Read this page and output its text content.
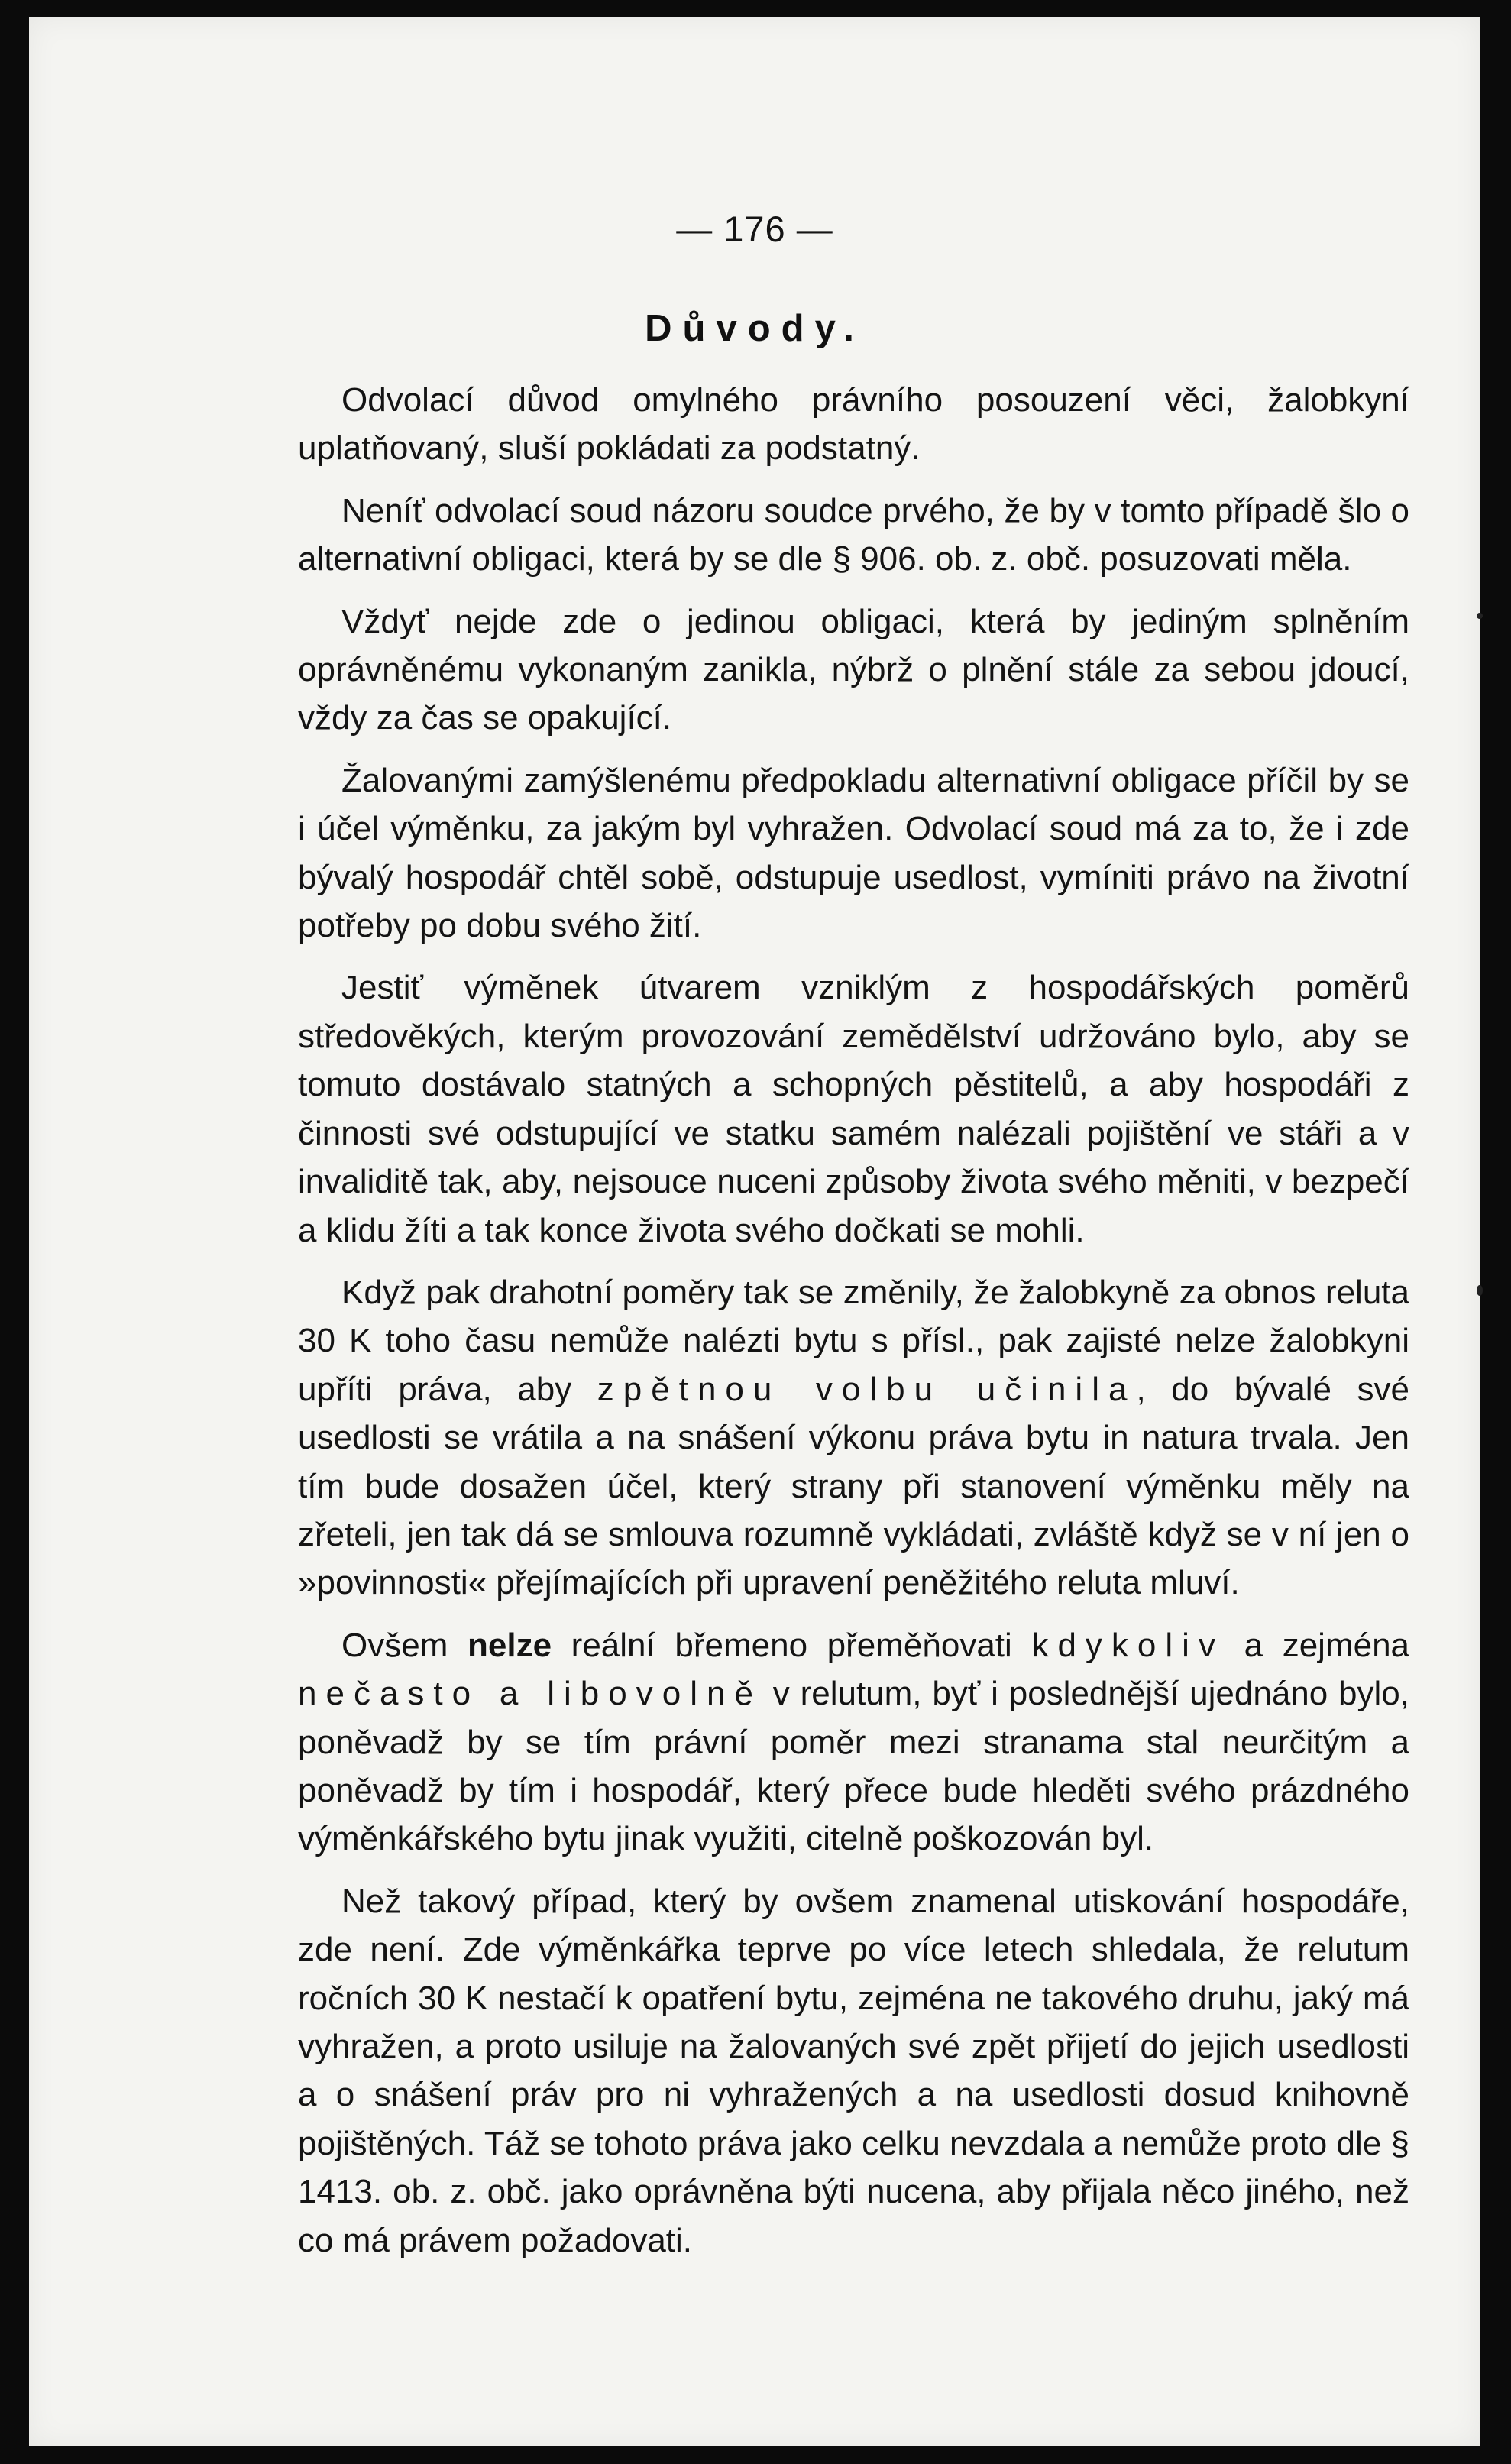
— 176 —
Důvody.

Odvolací důvod omylného právního posouzení věci, žalobkyní uplatňovaný, sluší pokládati za podstatný.

Neníť odvolací soud názoru soudce prvého, že by v tomto případě šlo o alternativní obligaci, která by se dle § 906. ob. z. obč. posuzovati měla.

Vždyť nejde zde o jedinou obligaci, která by jediným splněním oprávněnému vykonaným zanikla, nýbrž o plnění stále za sebou jdoucí, vždy za čas se opakující.

Žalovanými zamýšlenému předpokladu alternativní obligace příčil by se i účel výměnku, za jakým byl vyhražen. Odvolací soud má za to, že i zde bývalý hospodář chtěl sobě, odstupuje usedlost, vymíniti právo na životní potřeby po dobu svého žití.

Jestiť výměnek útvarem vzniklým z hospodářských poměrů středověkých, kterým provozování zemědělství udržováno bylo, aby se tomuto dostávalo statných a schopných pěstitelů, a aby hospodáři z činnosti své odstupující ve statku samém nalézali pojištění ve stáři a v invaliditě tak, aby, nejsouce nuceni způsoby života svého měniti, v bezpečí a klidu žíti a tak konce života svého dočkati se mohli.

Když pak drahotní poměry tak se změnily, že žalobkyně za obnos reluta 30 K toho času nemůže nalézti bytu s přísl., pak zajisté nelze žalobkyni upříti práva, aby zpětnou volbu učinila, do bývalé své usedlosti se vrátila a na snášení výkonu práva bytu in natura trvala. Jen tím bude dosažen účel, který strany při stanovení výměnku měly na zřeteli, jen tak dá se smlouva rozumně vykládati, zvláště když se v ní jen o »povinnosti« přejímajících při upravení peněžitého reluta mluví.

Ovšem nelze reální břemeno přeměňovati kdykoliv a zejména nečasto a libovolně v relutum, byť i poslednější ujednáno bylo, poněvadž by se tím právní poměr mezi stranama stal neurčitým a poněvadž by tím i hospodář, který přece bude hleděti svého prázdného výměnkářského bytu jinak využiti, citelně poškozován byl.

Než takový případ, který by ovšem znamenal utiskování hospodáře, zde není. Zde výměnkářka teprve po více letech shledala, že relutum ročních 30 K nestačí k opatření bytu, zejména ne takového druhu, jaký má vyhražen, a proto usiluje na žalovaných své zpět přijetí do jejich usedlosti a o snášení práv pro ni vyhražených a na usedlosti dosud knihovně pojištěných. Táž se tohoto práva jako celku nevzdala a nemůže proto dle § 1413. ob. z. obč. jako oprávněna býti nucena, aby přijala něco jiného, než co má právem požadovati.
